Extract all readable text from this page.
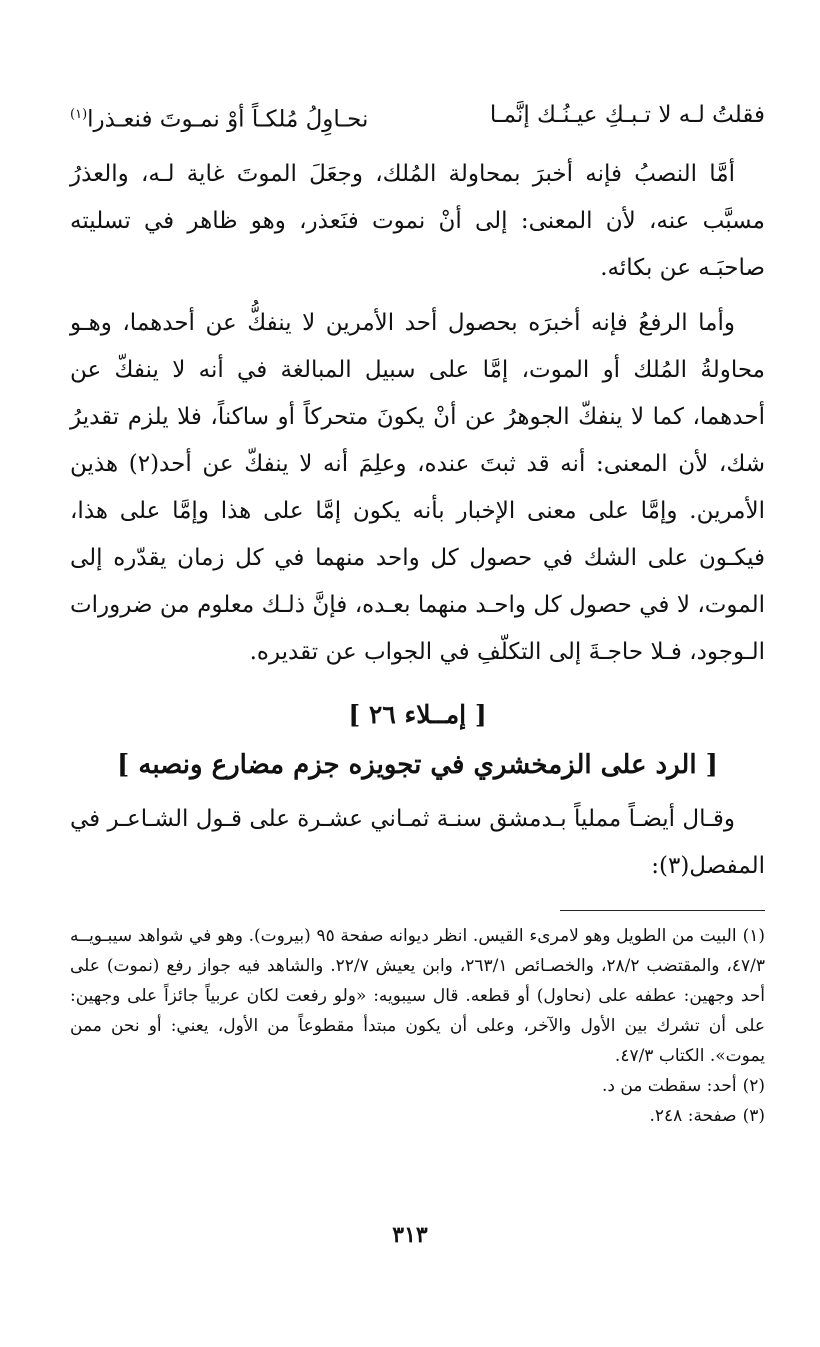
فقلتُ لـه لا تـبـكِ عيـنُـك إنَّمـا
نحـاوِلُ مُلكـاً أوْ نمـوتَ فنعـذرا$^{(١)}$

أمَّا النصبُ فإنه أخبرَ بمحاولة المُلك، وجعَلَ الموتَ غاية لـه، والعذرُ مسبَّب عنه، لأن المعنى: إلى أنْ نموت فنَعذر، وهو ظاهر في تسليته صاحبَـه عن بكائه.

وأما الرفعُ فإنه أخبرَه بحصول أحد الأمرين لا ينفكُّ عن أحدهما، وهـو محاولةُ المُلك أو الموت، إمَّا على سبيل المبالغة في أنه لا ينفكّ عن أحدهما، كما لا ينفكّ الجوهرُ عن أنْ يكونَ متحركاً أو ساكناً، فلا يلزم تقديرُ شك، لأن المعنى: أنه قد ثبتَ عنده، وعلِمَ أنه لا ينفكّ عن أحد(٢) هذين الأمرين. وإمَّا على معنى الإخبار بأنه يكون إمَّا على هذا وإمَّا على هذا، فيكـون على الشك في حصول كل واحد منهما في كل زمان يقدّره إلى الموت، لا في حصول كل واحـد منهما بعـده، فإنَّ ذلـك معلوم من ضرورات الـوجود، فـلا حاجـةَ إلى التكلّفِ في الجواب عن تقديره.

[ إمــلاء ٢٦ ]
[ الرد على الزمخشري في تجويزه جزم مضارع ونصبه ]

وقـال أيضـاً مملياً بـدمشق سنـة ثمـاني عشـرة على قـول الشـاعـر في المفصل(٣):

(١)البيت من الطويل وهو لامرىء القيس. انظر ديوانه صفحة ٩٥ (بيروت). وهو في شواهد سيبـويــه ٤٧/٣، والمقتضب ٢٨/٢، والخصـائص ٢٦٣/١، وابن يعيش ٢٢/٧. والشاهد فيه جواز رفع (نموت) على أحد وجهين: عطفه على (نحاول) أو قطعه. قال سيبويه: «ولو رفعت لكان عربياً جائزاً على وجهين: على أن تشرك بين الأول والآخر، وعلى أن يكون مبتدأ مقطوعاً من الأول، يعني: أو نحن ممن يموت». الكتاب ٤٧/٣.

(٢)أحد: سقطت من د.

(٣)صفحة: ٢٤٨.

٣١٣
